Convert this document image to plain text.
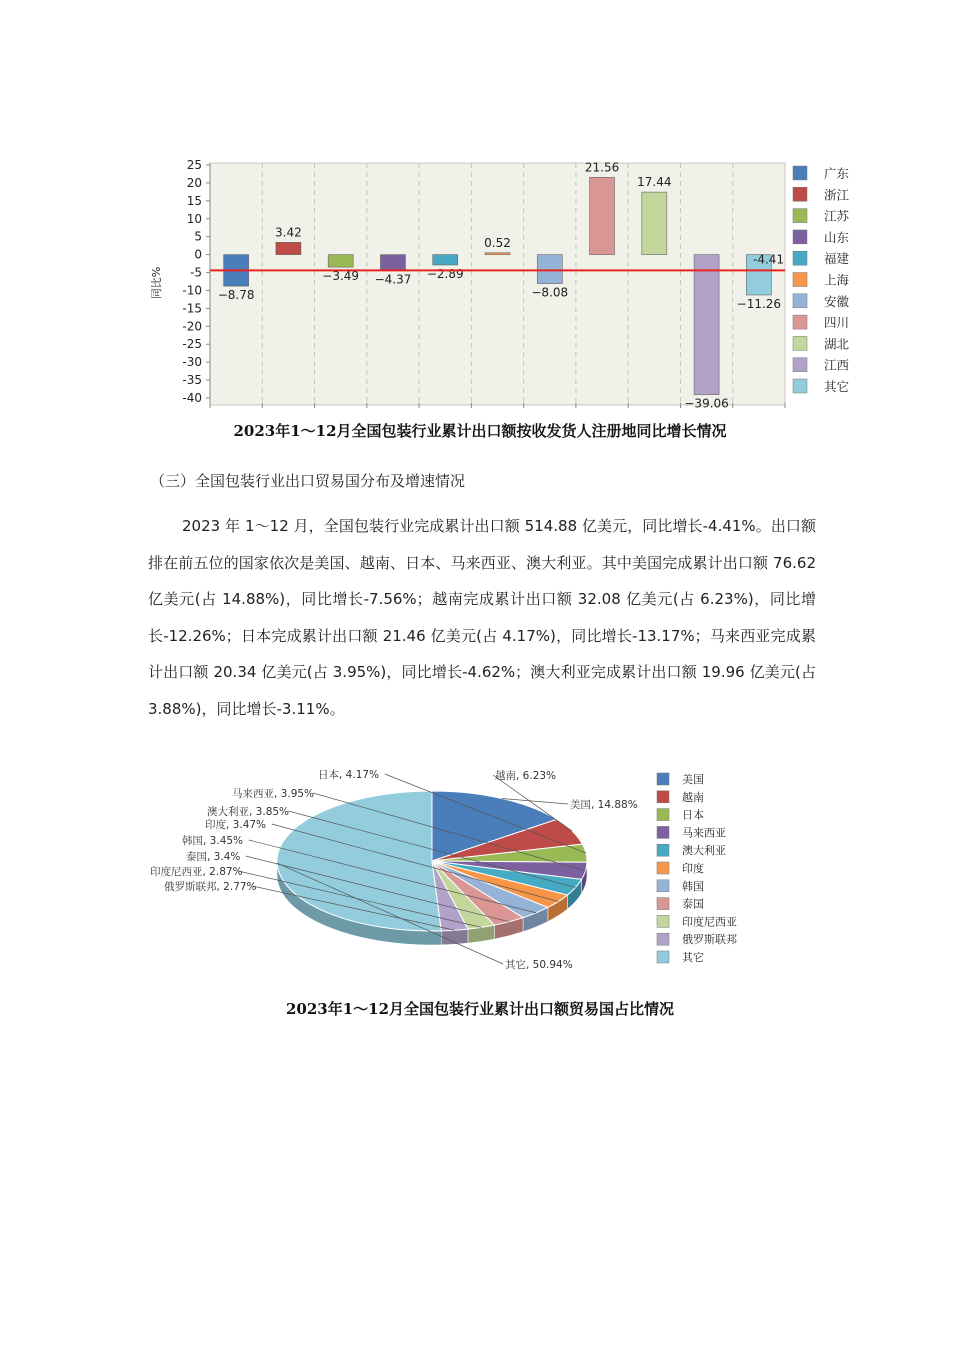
同比%
25
20
15
10
5
0
-5
-10
-15
-20
-25
-30
-35
-40
−8.78
3.42
−3.49 −4.37 −2.89
0.52
−8.08
21.56
17.44
−39.06
−11.26
-4.41
广东
浙江
江苏
山东
福建
上海
安徽
四川
湖北
江西
其它
2023年1～12月全国包装行业累计出口额按收发货人注册地同比增长情况
（三）全国包装行业出口贸易国分布及增速情况
2023 年 1～12 月，全国包装行业完成累计出口额 514.88 亿美元，同比增长-4.41%。出口额排在前五位的国家依次是美国、越南、日本、马来西亚、澳大利亚。其中美国完成累计出口额 76.62 亿美元(占 14.88%)，同比增长-7.56%；越南完成累计出口额 32.08 亿美元(占 6.23%)，同比增长-12.26%；日本完成累计出口额 21.46 亿美元(占 4.17%)，同比增长-13.17%；马来西亚完成累计出口额 20.34 亿美元(占 3.95%)，同比增长-4.62%；澳大利亚完成累计出口额 19.96 亿美元(占 3.88%)，同比增长-3.11%。
美国, 14.88%
越南, 6.23%
日本, 4.17%
马来西亚, 3.95%
澳大利亚, 3.85%
印度, 3.47%
韩国, 3.45%
泰国, 3.4%
印度尼西亚, 2.87%
俄罗斯联邦, 2.77%
其它, 50.94%
美国
越南
日本
马来西亚
澳大利亚
印度
韩国
泰国
印度尼西亚
俄罗斯联邦
其它
2023年1～12月全国包装行业累计出口额贸易国占比情况
